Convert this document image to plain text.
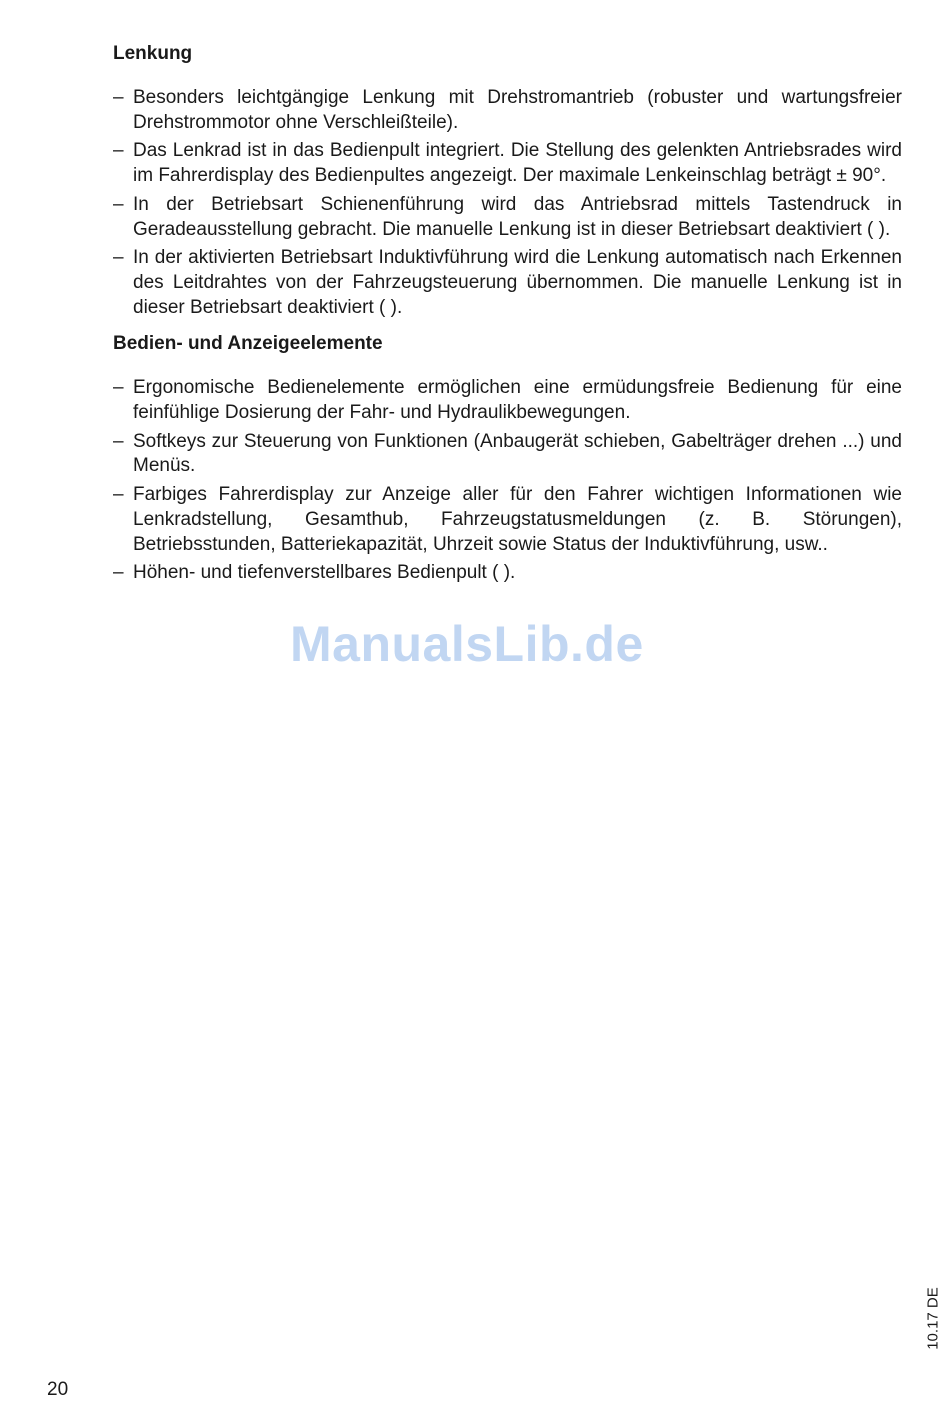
Lenkung
– Besonders leichtgängige Lenkung mit Drehstromantrieb (robuster und wartungsfreier Drehstrommotor ohne Verschleißteile).
– Das Lenkrad ist in das Bedienpult integriert. Die Stellung des gelenkten Antriebsrades wird im Fahrerdisplay des Bedienpultes angezeigt. Der maximale Lenkeinschlag beträgt ± 90°.
– In der Betriebsart Schienenführung wird das Antriebsrad mittels Tastendruck in Geradeausstellung gebracht. Die manuelle Lenkung ist in dieser Betriebsart deaktiviert ( ).
– In der aktivierten Betriebsart Induktivführung wird die Lenkung automatisch nach Erkennen des Leitdrahtes von der Fahrzeugsteuerung übernommen. Die manuelle Lenkung ist in dieser Betriebsart deaktiviert ( ).
Bedien- und Anzeigeelemente
– Ergonomische Bedienelemente ermöglichen eine ermüdungsfreie Bedienung für eine feinfühlige Dosierung der Fahr- und Hydraulikbewegungen.
– Softkeys zur Steuerung von Funktionen (Anbaugerät schieben, Gabelträger drehen ...) und Menüs.
– Farbiges Fahrerdisplay zur Anzeige aller für den Fahrer wichtigen Informationen wie Lenkradstellung, Gesamthub, Fahrzeugstatusmeldungen (z. B. Störungen), Betriebsstunden, Batteriekapazität, Uhrzeit sowie Status der Induktivführung, usw..
– Höhen- und tiefenverstellbares Bedienpult ( ).
ManualsLib.de
10.17 DE
20
